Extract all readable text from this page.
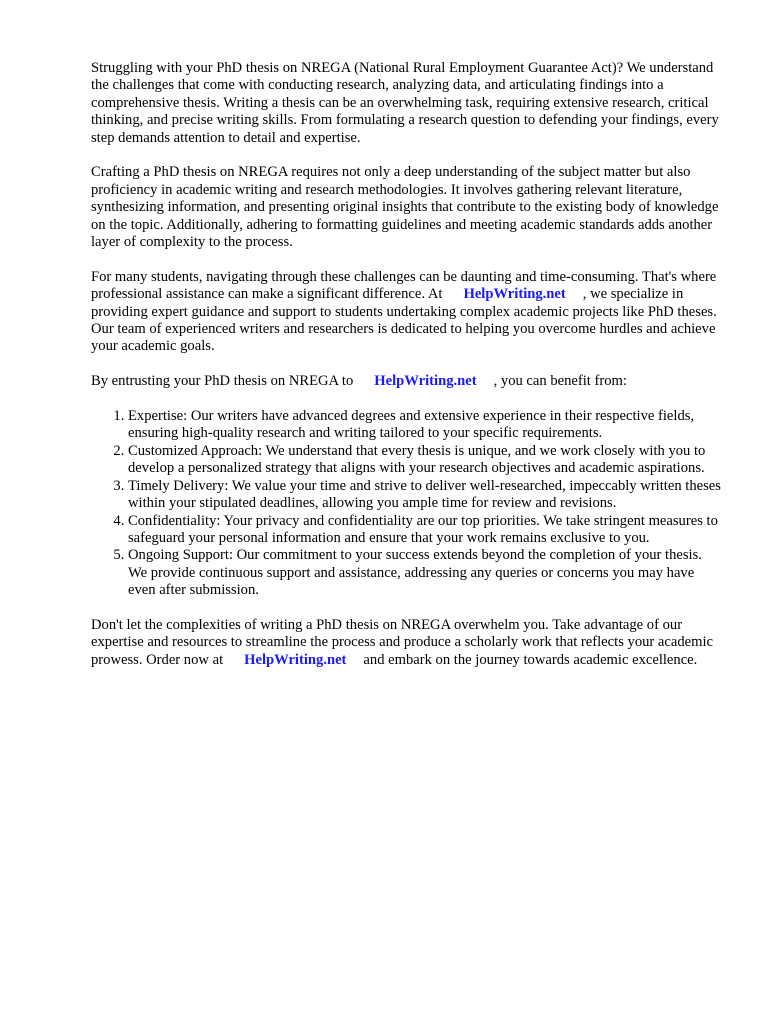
Struggling with your PhD thesis on NREGA (National Rural Employment Guarantee Act)? We understand the challenges that come with conducting research, analyzing data, and articulating findings into a comprehensive thesis. Writing a thesis can be an overwhelming task, requiring extensive research, critical thinking, and precise writing skills. From formulating a research question to defending your findings, every step demands attention to detail and expertise.

Crafting a PhD thesis on NREGA requires not only a deep understanding of the subject matter but also proficiency in academic writing and research methodologies. It involves gathering relevant literature, synthesizing information, and presenting original insights that contribute to the existing body of knowledge on the topic. Additionally, adhering to formatting guidelines and meeting academic standards adds another layer of complexity to the process.

For many students, navigating through these challenges can be daunting and time-consuming. That's where professional assistance can make a significant difference. At HelpWriting.net , we specialize in providing expert guidance and support to students undertaking complex academic projects like PhD theses. Our team of experienced writers and researchers is dedicated to helping you overcome hurdles and achieve your academic goals.

By entrusting your PhD thesis on NREGA to HelpWriting.net , you can benefit from:

1. Expertise: Our writers have advanced degrees and extensive experience in their respective fields, ensuring high-quality research and writing tailored to your specific requirements.
2. Customized Approach: We understand that every thesis is unique, and we work closely with you to develop a personalized strategy that aligns with your research objectives and academic aspirations.
3. Timely Delivery: We value your time and strive to deliver well-researched, impeccably written theses within your stipulated deadlines, allowing you ample time for review and revisions.
4. Confidentiality: Your privacy and confidentiality are our top priorities. We take stringent measures to safeguard your personal information and ensure that your work remains exclusive to you.
5. Ongoing Support: Our commitment to your success extends beyond the completion of your thesis. We provide continuous support and assistance, addressing any queries or concerns you may have even after submission.

Don't let the complexities of writing a PhD thesis on NREGA overwhelm you. Take advantage of our expertise and resources to streamline the process and produce a scholarly work that reflects your academic prowess. Order now at HelpWriting.net and embark on the journey towards academic excellence.
